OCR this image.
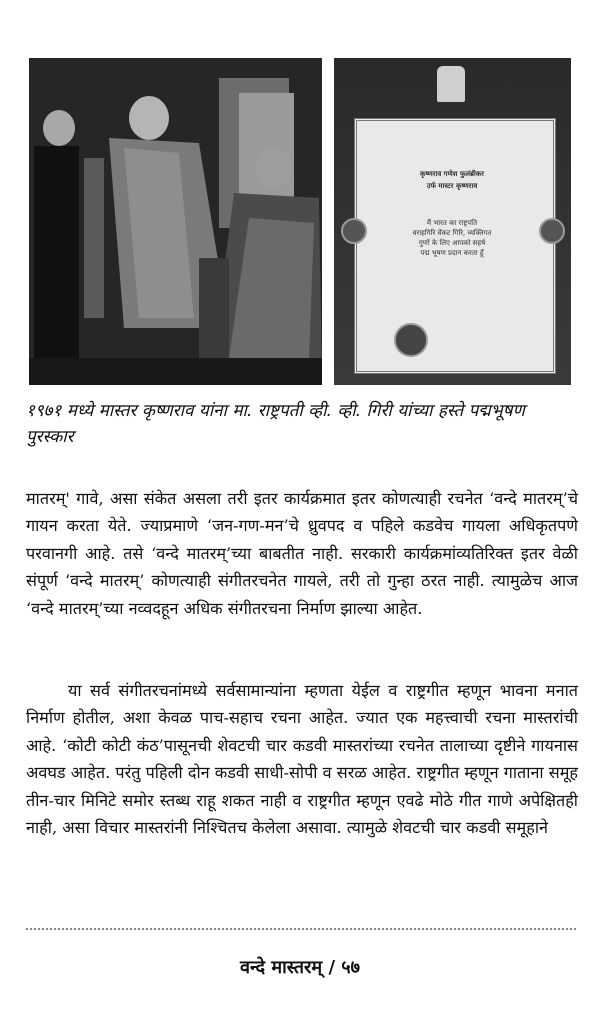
कृष्णराव गणेश फुलंब्रीकर
उर्फ मास्टर कृष्णराव
मैं भारत का राष्ट्रपति
वराहगिरि वेंकट गिरि, व्यक्तिगत
गुणों के लिए आपको सहर्ष
पद्म भूषण प्रदान करता हूँ

१९७१ मध्ये मास्तर कृष्णराव यांना मा. राष्ट्रपती व्ही. व्ही. गिरी यांच्या हस्ते पद्मभूषण पुरस्कार

मातरम्' गावे, असा संकेत असला तरी इतर कार्यक्रमात इतर कोणत्याही रचनेत ‘वन्दे मातरम्’चे गायन करता येते. ज्याप्रमाणे ‘जन-गण-मन’चे ध्रुवपद व पहिले कडवेच गायला अधिकृतपणे परवानगी आहे. तसे ‘वन्दे मातरम्’च्या बाबतीत नाही. सरकारी कार्यक्रमांव्यतिरिक्त इतर वेळी संपूर्ण ‘वन्दे मातरम्’ कोणत्याही संगीतरचनेत गायले, तरी तो गुन्हा ठरत नाही. त्यामुळेच आज ‘वन्दे मातरम्’च्या नव्वदहून अधिक संगीतरचना निर्माण झाल्या आहेत.

या सर्व संगीतरचनांमध्ये सर्वसामान्यांना म्हणता येईल व राष्ट्रगीत म्हणून भावना मनात निर्माण होतील, अशा केवळ पाच-सहाच रचना आहेत. ज्यात एक महत्त्वाची रचना मास्तरांची आहे. ‘कोटी कोटी कंठ’पासूनची शेवटची चार कडवी मास्तरांच्या रचनेत तालाच्या दृष्टीने गायनास अवघड आहेत. परंतु पहिली दोन कडवी साधी-सोपी व सरळ आहेत. राष्ट्रगीत म्हणून गाताना समूह तीन-चार मिनिटे समोर स्तब्ध राहू शकत नाही व राष्ट्रगीत म्हणून एवढे मोठे गीत गाणे अपेक्षितही नाही, असा विचार मास्तरांनी निश्चितच केलेला असावा. त्यामुळे शेवटची चार कडवी समूहाने

वन्दे मास्तरम् / ५७
